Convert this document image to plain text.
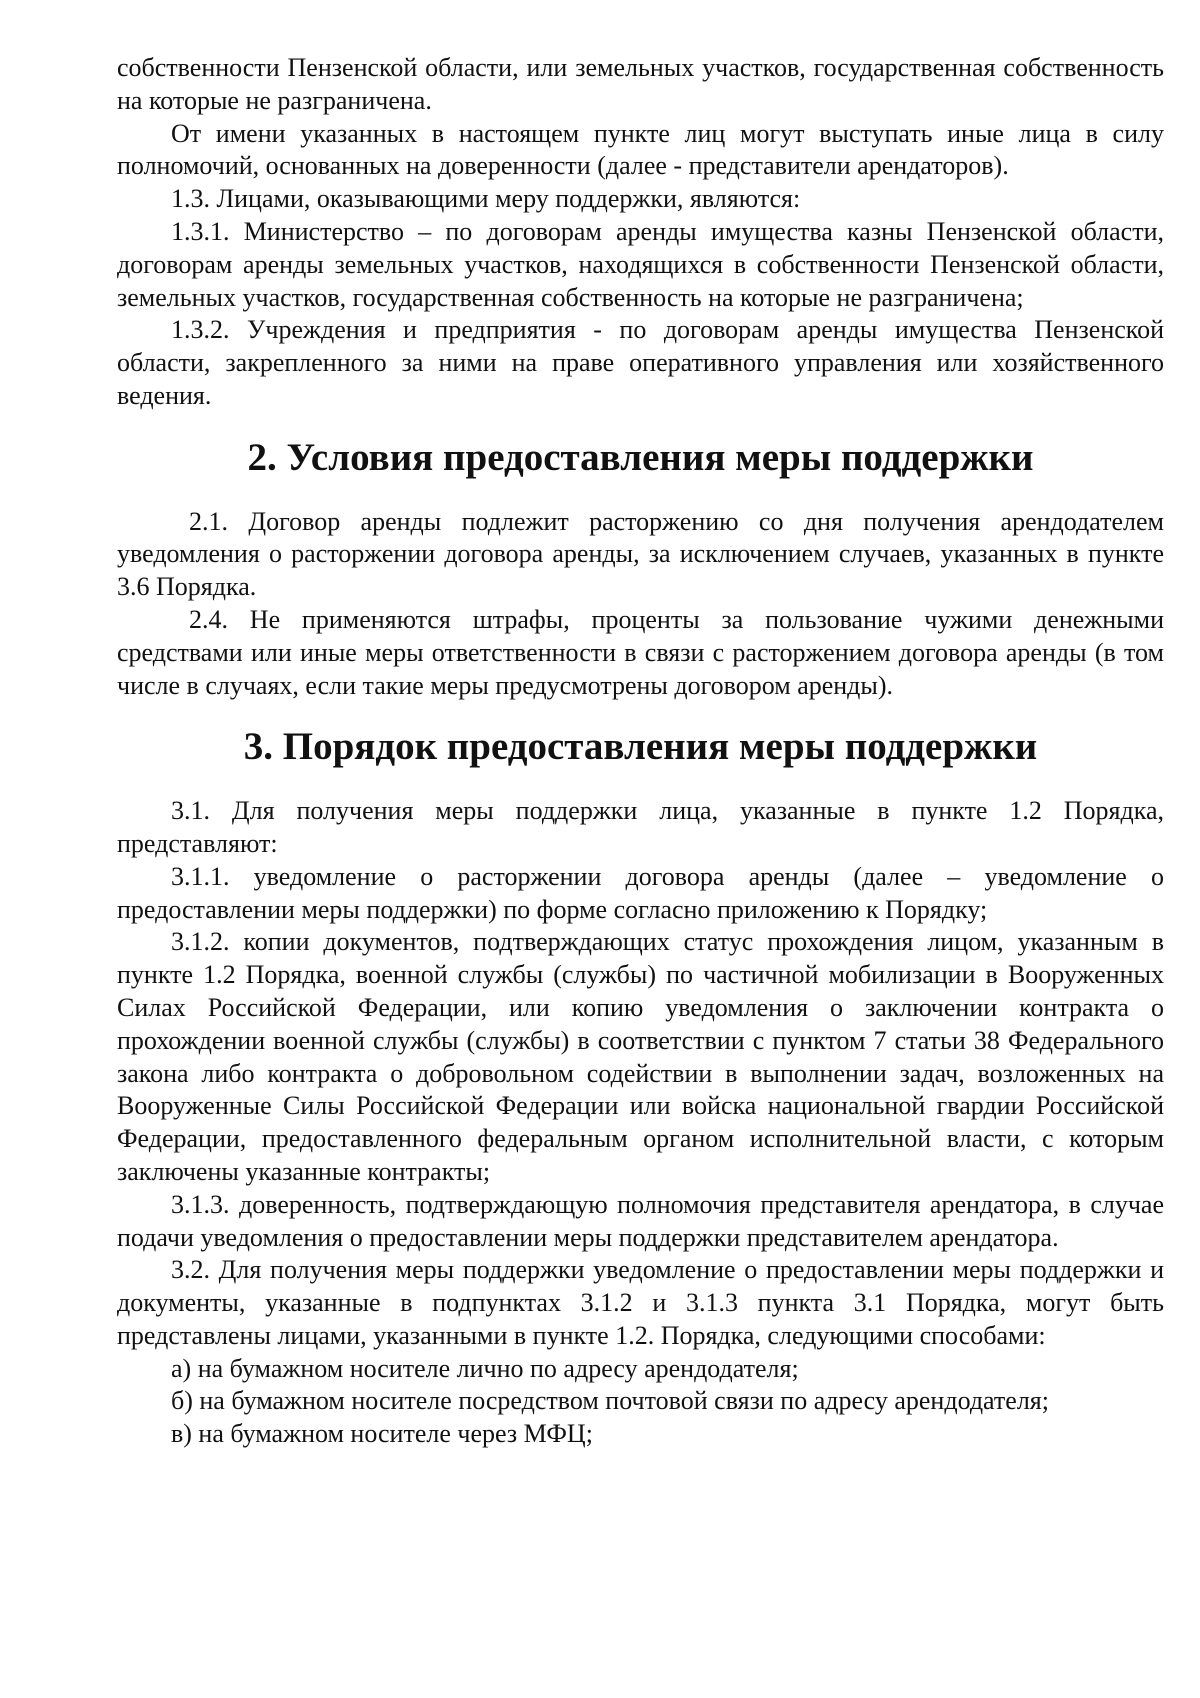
собственности Пензенской области, или земельных участков, государственная собственность на которые не разграничена.

От имени указанных в настоящем пункте лиц могут выступать иные лица в силу полномочий, основанных на доверенности (далее - представители арендаторов).

1.3. Лицами, оказывающими меру поддержки, являются:

1.3.1. Министерство – по договорам аренды имущества казны Пензенской области, договорам аренды земельных участков, находящихся в собственности Пензенской области, земельных участков, государственная собственность на которые не разграничена;

1.3.2. Учреждения и предприятия - по договорам аренды имущества Пензенской области, закрепленного за ними на праве оперативного управления или хозяйственного ведения.

2. Условия предоставления меры поддержки

2.1. Договор аренды подлежит расторжению со дня получения арендодателем уведомления о расторжении договора аренды, за исключением случаев, указанных в пункте 3.6 Порядка.

2.4. Не применяются штрафы, проценты за пользование чужими денежными средствами или иные меры ответственности в связи с расторжением договора аренды (в том числе в случаях, если такие меры предусмотрены договором аренды).

3. Порядок предоставления меры поддержки

3.1. Для получения меры поддержки лица, указанные в пункте 1.2 Порядка, представляют:

3.1.1. уведомление о расторжении договора аренды (далее – уведомление о предоставлении меры поддержки) по форме согласно приложению к Порядку;

3.1.2. копии документов, подтверждающих статус прохождения лицом, указанным в пункте 1.2 Порядка, военной службы (службы) по частичной мобилизации в Вооруженных Силах Российской Федерации, или копию уведомления о заключении контракта о прохождении военной службы (службы) в соответствии с пунктом 7 статьи 38 Федерального закона либо контракта о добровольном содействии в выполнении задач, возложенных на Вооруженные Силы Российской Федерации или войска национальной гвардии Российской Федерации, предоставленного федеральным органом исполнительной власти, с которым заключены указанные контракты;

3.1.3. доверенность, подтверждающую полномочия представителя арендатора, в случае подачи уведомления о предоставлении меры поддержки представителем арендатора.

3.2. Для получения меры поддержки уведомление о предоставлении меры поддержки и документы, указанные в подпунктах 3.1.2 и 3.1.3 пункта 3.1 Порядка, могут быть представлены лицами, указанными в пункте 1.2. Порядка, следующими способами:

а) на бумажном носителе лично по адресу арендодателя;

б) на бумажном носителе посредством почтовой связи по адресу арендодателя;

в) на бумажном носителе через МФЦ;
